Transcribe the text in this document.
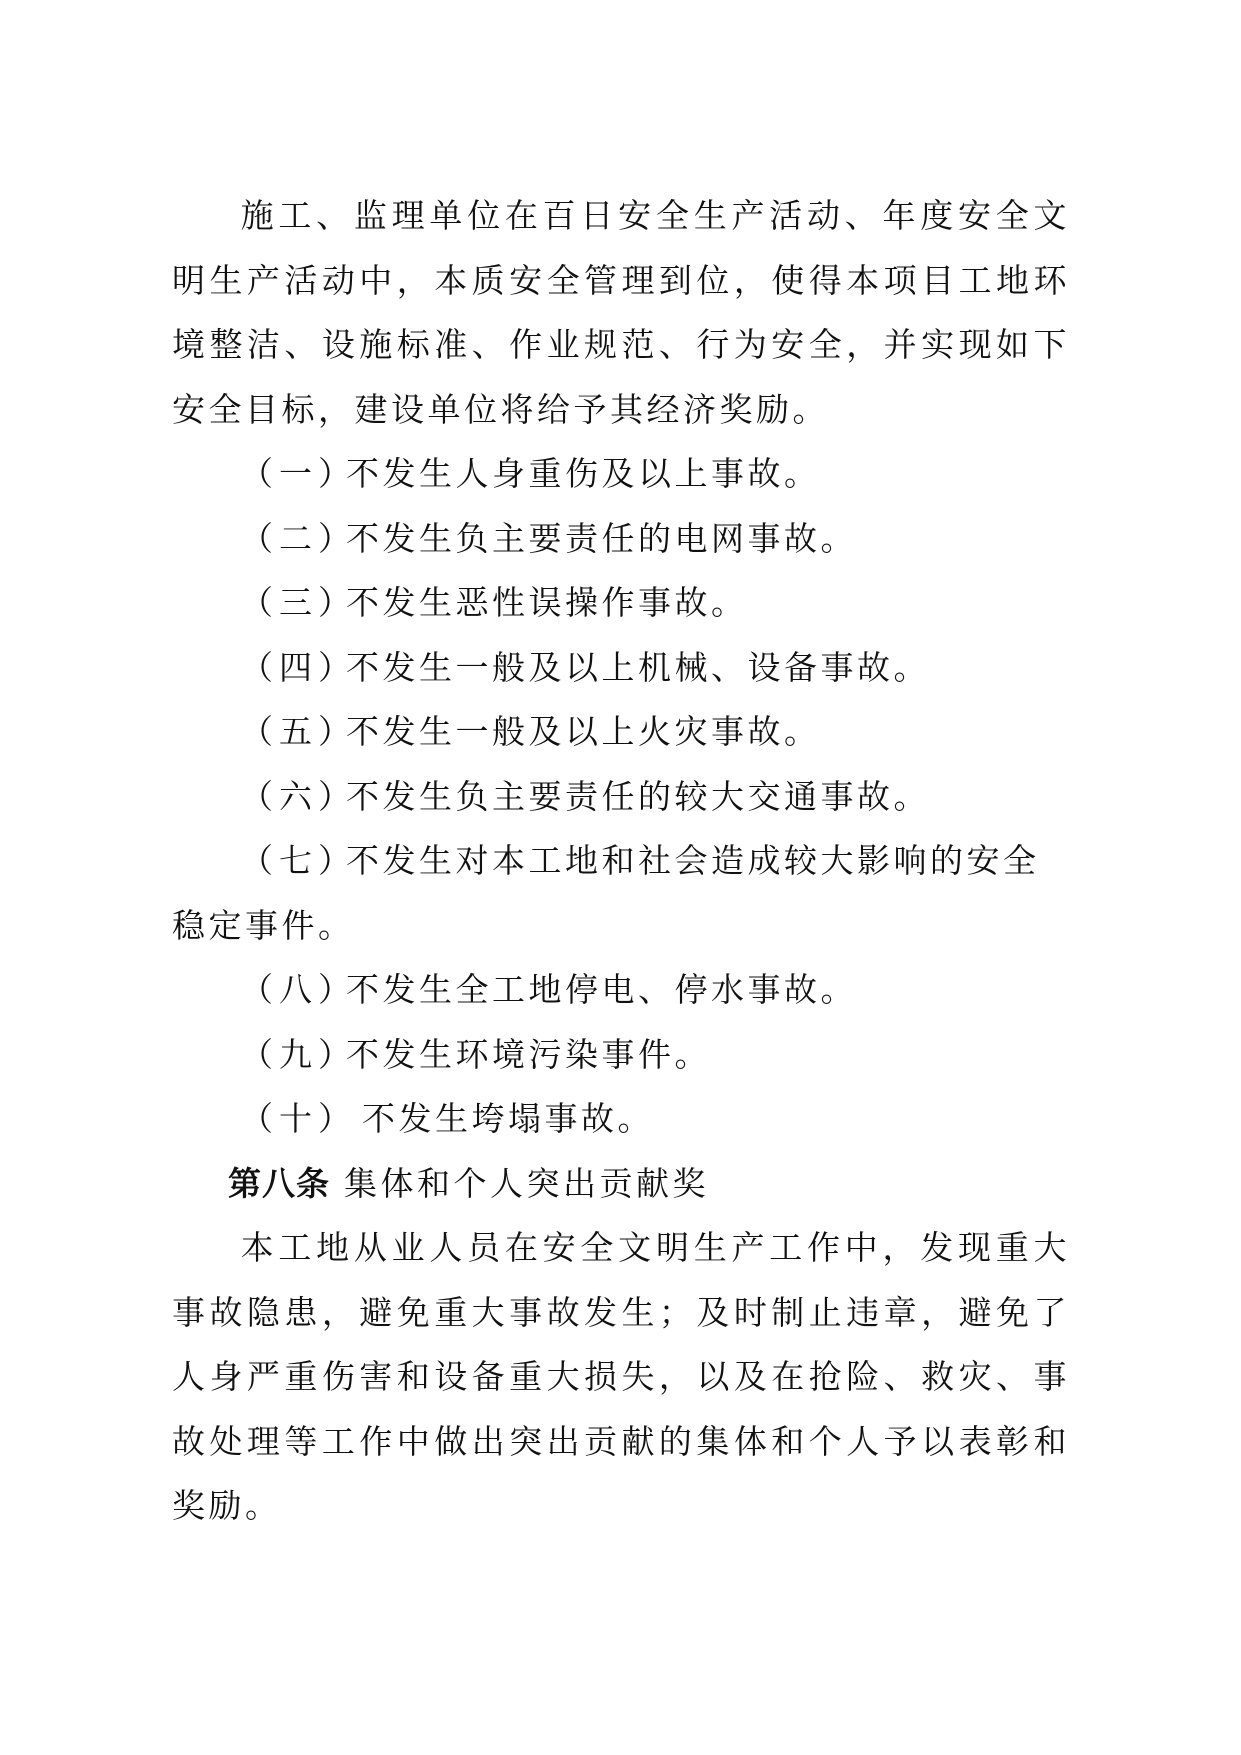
施工、监理单位在百日安全生产活动、年度安全文明生产活动中，本质安全管理到位，使得本项目工地环境整洁、设施标准、作业规范、行为安全，并实现如下安全目标，建设单位将给予其经济奖励。

（一）不发生人身重伤及以上事故。

（二）不发生负主要责任的电网事故。

（三）不发生恶性误操作事故。

（四）不发生一般及以上机械、设备事故。

（五）不发生一般及以上火灾事故。

（六）不发生负主要责任的较大交通事故。

（七）不发生对本工地和社会造成较大影响的安全稳定事件。

（八）不发生全工地停电、停水事故。

（九）不发生环境污染事件。

（十） 不发生垮塌事故。

第八条 集体和个人突出贡献奖

本工地从业人员在安全文明生产工作中，发现重大事故隐患，避免重大事故发生；及时制止违章，避免了人身严重伤害和设备重大损失，以及在抢险、救灾、事故处理等工作中做出突出贡献的集体和个人予以表彰和奖励。
